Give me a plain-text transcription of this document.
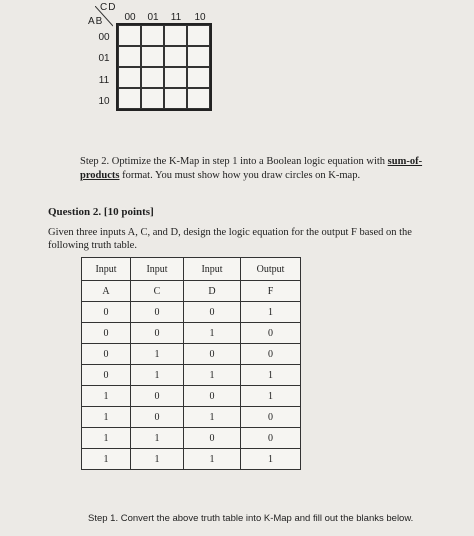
CD
AB	00	01	11	10
00
01
11
10
Step 2. Optimize the K-Map in step 1 into a Boolean logic equation with sum-of-products format. You must show how you draw circles on K-map.
Question 2. [10 points]
Given three inputs A, C, and D, design the logic equation for the output F based on the following truth table.
Input	Input	Input	Output
A	C	D	F
0	0	0	1
0	0	1	0
0	1	0	0
0	1	1	1
1	0	0	1
1	0	1	0
1	1	0	0
1	1	1	1
Step 1. Convert the above truth table into K-Map and fill out the blanks below.
